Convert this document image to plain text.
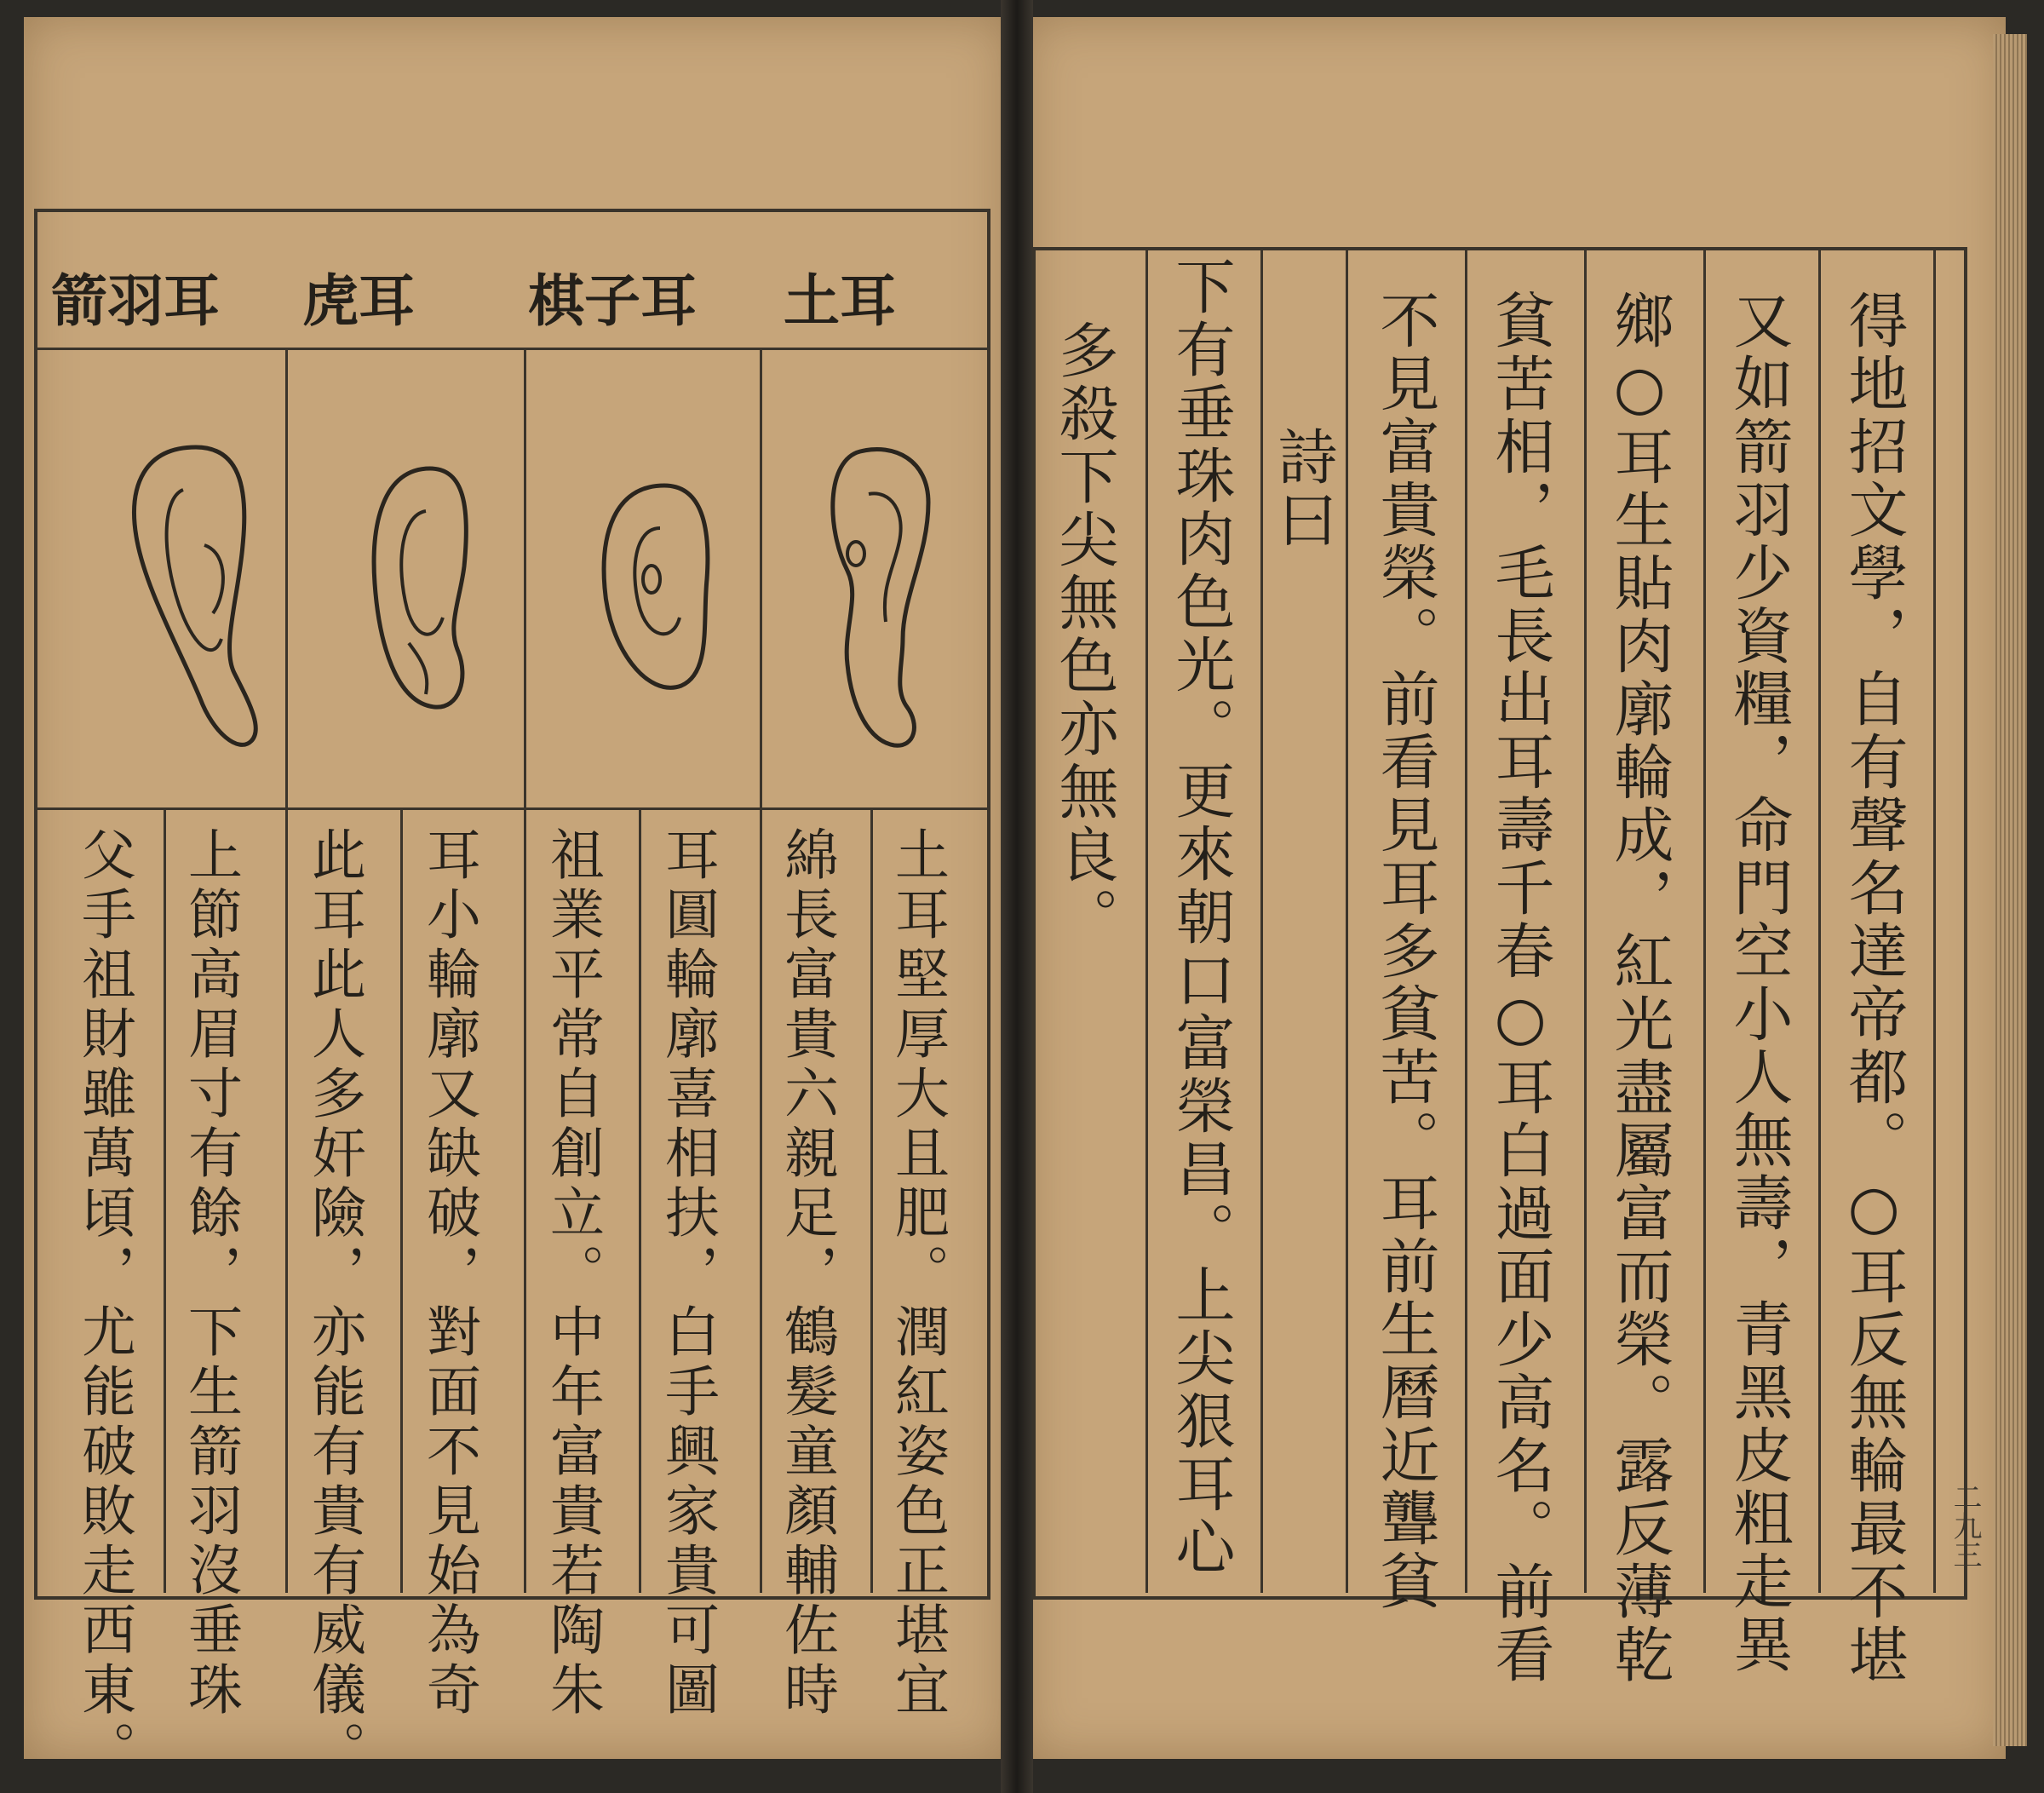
土耳
棋子耳
虎耳
箭羽耳
土耳堅厚大且肥。潤紅姿色正堪宜
綿長富貴六親足，鶴髮童顏輔佐時
耳圓輪廓喜相扶，白手興家貴可圖
祖業平常自創立。中年富貴若陶朱
耳小輪廓又缺破，對面不見始為奇
此耳此人多奸險，亦能有貴有威儀。
上節高眉寸有餘，下生箭羽沒垂珠
父手祖財雖萬頃，尤能破敗走西東。	得地招文學，自有聲名達帝都。○耳反無輪最不堪
又如箭羽少資糧，命門空小人無壽，青黑皮粗走異
鄉○耳生貼肉廓輪成，紅光盡屬富而榮。露反薄乾
貧苦相，毛長出耳壽千春○耳白過面少高名。前看
不見富貴榮。前看見耳多貧苦。耳前生曆近聾貧
詩曰
下有垂珠肉色光。更來朝口富榮昌。上尖狠耳心
多殺下尖無色亦無良。
二九三
